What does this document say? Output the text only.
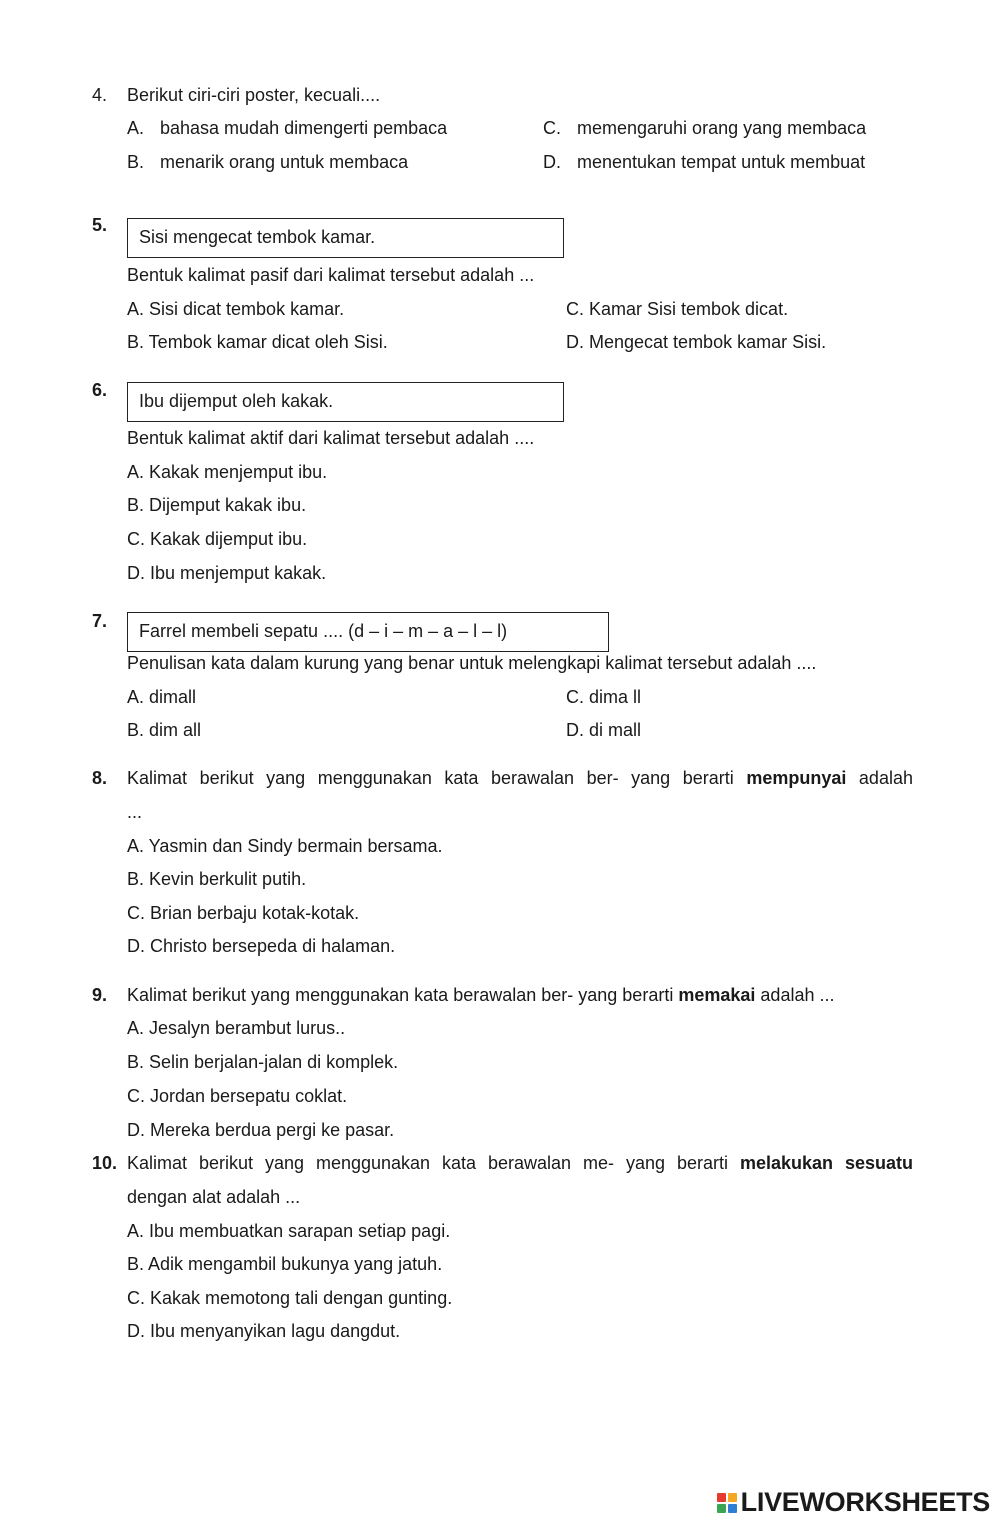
4. Berikut ciri-ciri poster, kecuali....
A. bahasa mudah dimengerti pembaca
B. menarik orang untuk membaca
C. memengaruhi orang yang membaca
D. menentukan tempat untuk membuat
5.
Sisi mengecat tembok kamar.
Bentuk kalimat pasif dari kalimat tersebut adalah ...
A. Sisi dicat tembok kamar.
B. Tembok kamar dicat oleh Sisi.
C. Kamar Sisi tembok dicat.
D. Mengecat tembok kamar Sisi.
6.
Ibu dijemput oleh kakak.
Bentuk kalimat aktif dari kalimat tersebut adalah ....
A. Kakak menjemput ibu.
B. Dijemput kakak ibu.
C. Kakak dijemput ibu.
D. Ibu menjemput kakak.
7.	Farrel membeli sepatu .... (d – i – m – a – l – l)
Penulisan kata dalam kurung yang benar untuk melengkapi kalimat tersebut adalah ....
A. dimall
B. dim all
C. dima ll
D. di mall
8. Kalimat berikut yang menggunakan kata berawalan ber- yang berarti mempunyai adalah
...
A. Yasmin dan Sindy bermain bersama.
B. Kevin berkulit putih.
C. Brian berbaju kotak-kotak.
D. Christo bersepeda di halaman.
9. Kalimat berikut yang menggunakan kata berawalan ber- yang berarti memakai adalah ...
A. Jesalyn berambut lurus..
B. Selin berjalan-jalan di komplek.
C. Jordan bersepatu coklat.
D. Mereka berdua pergi ke pasar.
10. Kalimat berikut yang menggunakan kata berawalan me- yang berarti melakukan sesuatu
dengan alat adalah ...
A. Ibu membuatkan sarapan setiap pagi.
B. Adik mengambil bukunya yang jatuh.
C. Kakak memotong tali dengan gunting.
D. Ibu menyanyikan lagu dangdut.
LIVEWORKSHEETS
